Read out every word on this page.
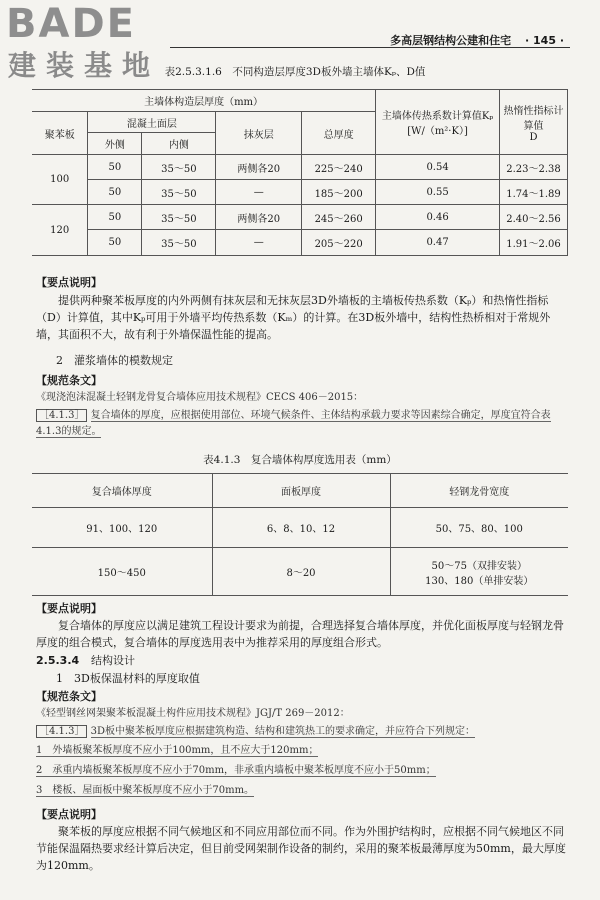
BADE
建装基地
多高层钢结构公建和住宅 · 145 ·
表2.5.3.1.6　不同构造层厚度3D板外墙主墙体Kₚ、D值
主墙体构造层厚度（mm）					主墙体传热系数计算值Kₚ
[W/（m²·K）]	热惰性指标计算值
D
聚苯板	混凝土面层		抹灰层	总厚度		
	外侧	内侧				
100	50	35～50	两侧各20	225～240	0.54	2.23～2.38
	50	35～50	—	185～200	0.55	1.74～1.89
120	50	35～50	两侧各20	245～260	0.46	2.40～2.56
	50	35～50	—	205～220	0.47	1.91～2.06
【要点说明】
提供两种聚苯板厚度的内外两侧有抹灰层和无抹灰层3D外墙板的主墙板传热系数（Kₚ）和热惰性指标（D）计算值，其中Kₚ可用于外墙平均传热系数（Kₘ）的计算。在3D板外墙中，结构性热桥相对于常规外墙，其面积不大，故有利于外墙保温性能的提高。
2　灌浆墙体的模数规定
【规范条文】
《现浇泡沫混凝土轻钢龙骨复合墙体应用技术规程》CECS 406－2015：
［4.1.3］ 复合墙体的厚度，应根据使用部位、环境气候条件、主体结构承载力要求等因素综合确定，厚度宜符合表4.1.3的规定。
表4.1.3　复合墙体构厚度选用表（mm）
复合墙体厚度	面板厚度	轻钢龙骨宽度
91、100、120	6、8、10、12	50、75、80、100
150～450	8～20	50～75（双排安装）
130、180（单排安装）
【要点说明】
复合墙体的厚度应以满足建筑工程设计要求为前提，合理选择复合墙体厚度，并优化面板厚度与轻钢龙骨厚度的组合模式，复合墙体的厚度选用表中为推荐采用的厚度组合形式。
2.5.3.4 结构设计
1　3D板保温材料的厚度取值
【规范条文】
《轻型钢丝网架聚苯板混凝土构件应用技术规程》JGJ/T 269－2012：
［4.1.3］ 3D板中聚苯板厚度应根据建筑构造、结构和建筑热工的要求确定，并应符合下列规定：
1　外墙板聚苯板厚度不应小于100mm，且不应大于120mm；
2　承重内墙板聚苯板厚度不应小于70mm，非承重内墙板中聚苯板厚度不应小于50mm；
3　楼板、屋面板中聚苯板厚度不应小于70mm。
【要点说明】
聚苯板的厚度应根据不同气候地区和不同应用部位而不同。作为外围护结构时，应根据不同气候地区不同节能保温隔热要求经计算后决定，但目前受网架制作设备的制约，采用的聚苯板最薄厚度为50mm，最大厚度为120mm。
